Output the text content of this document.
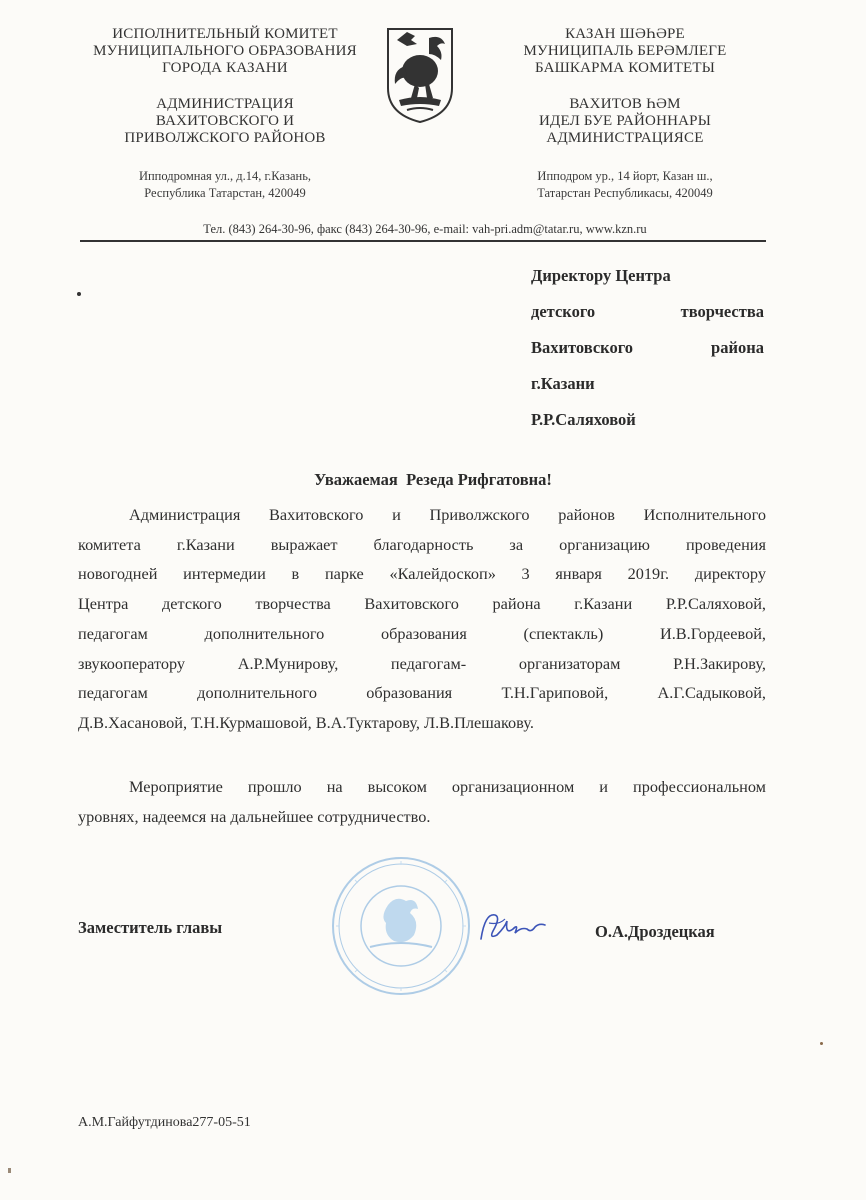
ИСПОЛНИТЕЛЬНЫЙ КОМИТЕТ
МУНИЦИПАЛЬНОГО ОБРАЗОВАНИЯ
ГОРОДА КАЗАНИ
АДМИНИСТРАЦИЯ
ВАХИТОВСКОГО И
ПРИВОЛЖСКОГО РАЙОНОВ
Ипподромная ул., д.14, г.Казань,
Республика Татарстан, 420049
КАЗАН ШӘҺӘРЕ
МУНИЦИПАЛЬ БЕРӘМЛЕГЕ
БАШКАРМА КОМИТЕТЫ
ВАХИТОВ ҺӘМ
ИДЕЛ БУЕ РАЙОННАРЫ
АДМИНИСТРАЦИЯСЕ
Ипподром ур., 14 йорт, Казан ш.,
Татарстан Республикасы, 420049
Тел. (843) 264-30-96, факс (843) 264-30-96, e-mail: vah-pri.adm@tatar.ru, www.kzn.ru
Директору Центра
детского творчества
Вахитовского района
г.Казани
Р.Р.Саляховой
Уважаемая  Резеда Рифгатовна!
Администрация Вахитовского и Приволжского районов Исполнительного
комитета г.Казани выражает благодарность за организацию проведения
новогодней интермедии в парке «Калейдоскоп» 3 января 2019г. директору
Центра детского творчества Вахитовского района г.Казани Р.Р.Саляховой,
педагогам дополнительного образования (спектакль) И.В.Гордеевой,
звукооператору А.Р.Мунирову, педагогам- организаторам Р.Н.Закирову,
педагогам дополнительного образования Т.Н.Гариповой, А.Г.Садыковой,
Д.В.Хасановой, Т.Н.Курмашовой, В.А.Туктарову, Л.В.Плешакову.
Мероприятие прошло на высоком организационном и профессиональном
уровнях, надеемся на дальнейшее сотрудничество.
Заместитель главы	О.А.Дроздецкая
А.М.Гайфутдинова277-05-51
